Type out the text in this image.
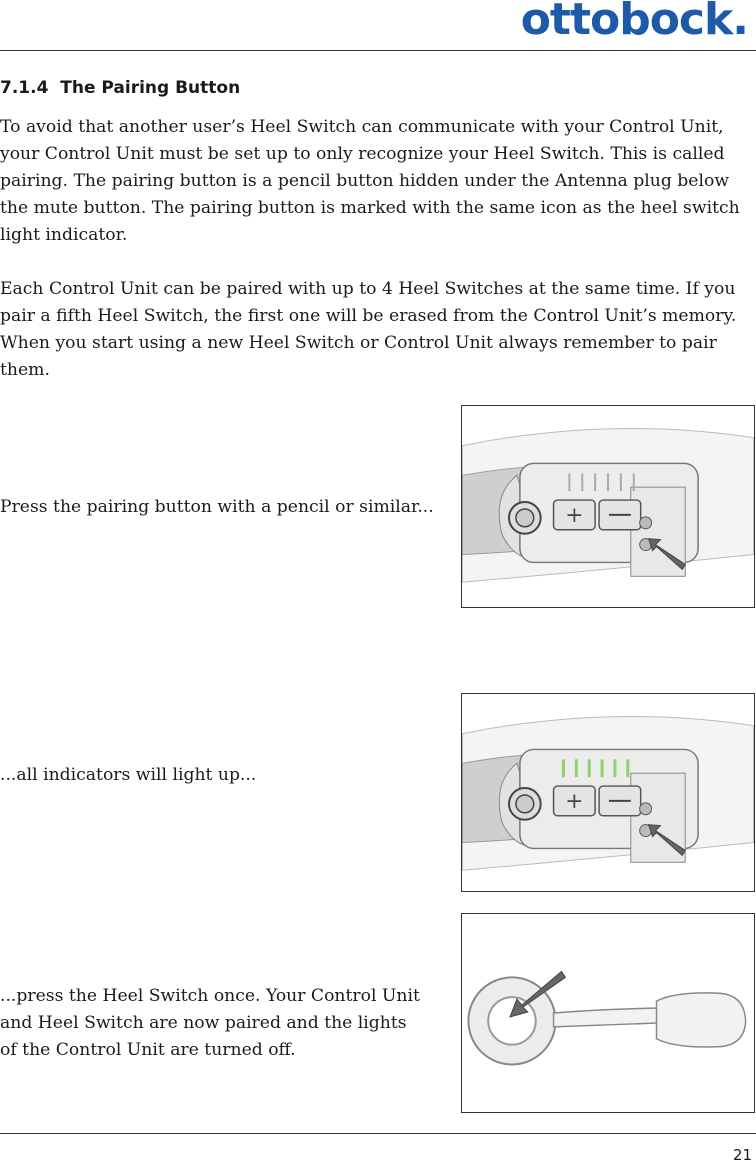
ottobock.
7.1.4 The Pairing Button

To avoid that another user’s Heel Switch can communicate with your Control Unit,
your Control Unit must be set up to only recognize your Heel Switch. This is called
pairing. The pairing button is a pencil button hidden under the Antenna plug below
the mute button. The pairing button is marked with the same icon as the heel switch
light indicator.

Each Control Unit can be paired with up to 4 Heel Switches at the same time. If you
pair a fifth Heel Switch, the first one will be erased from the Control Unit’s memory.
When you start using a new Heel Switch or Control Unit always remember to pair
them.

Press the pairing button with a pencil or similar...	+

...all indicators will light up...

+

...press the Heel Switch once. Your Control Unit
and Heel Switch are now paired and the lights
of the Control Unit are turned off.

21
